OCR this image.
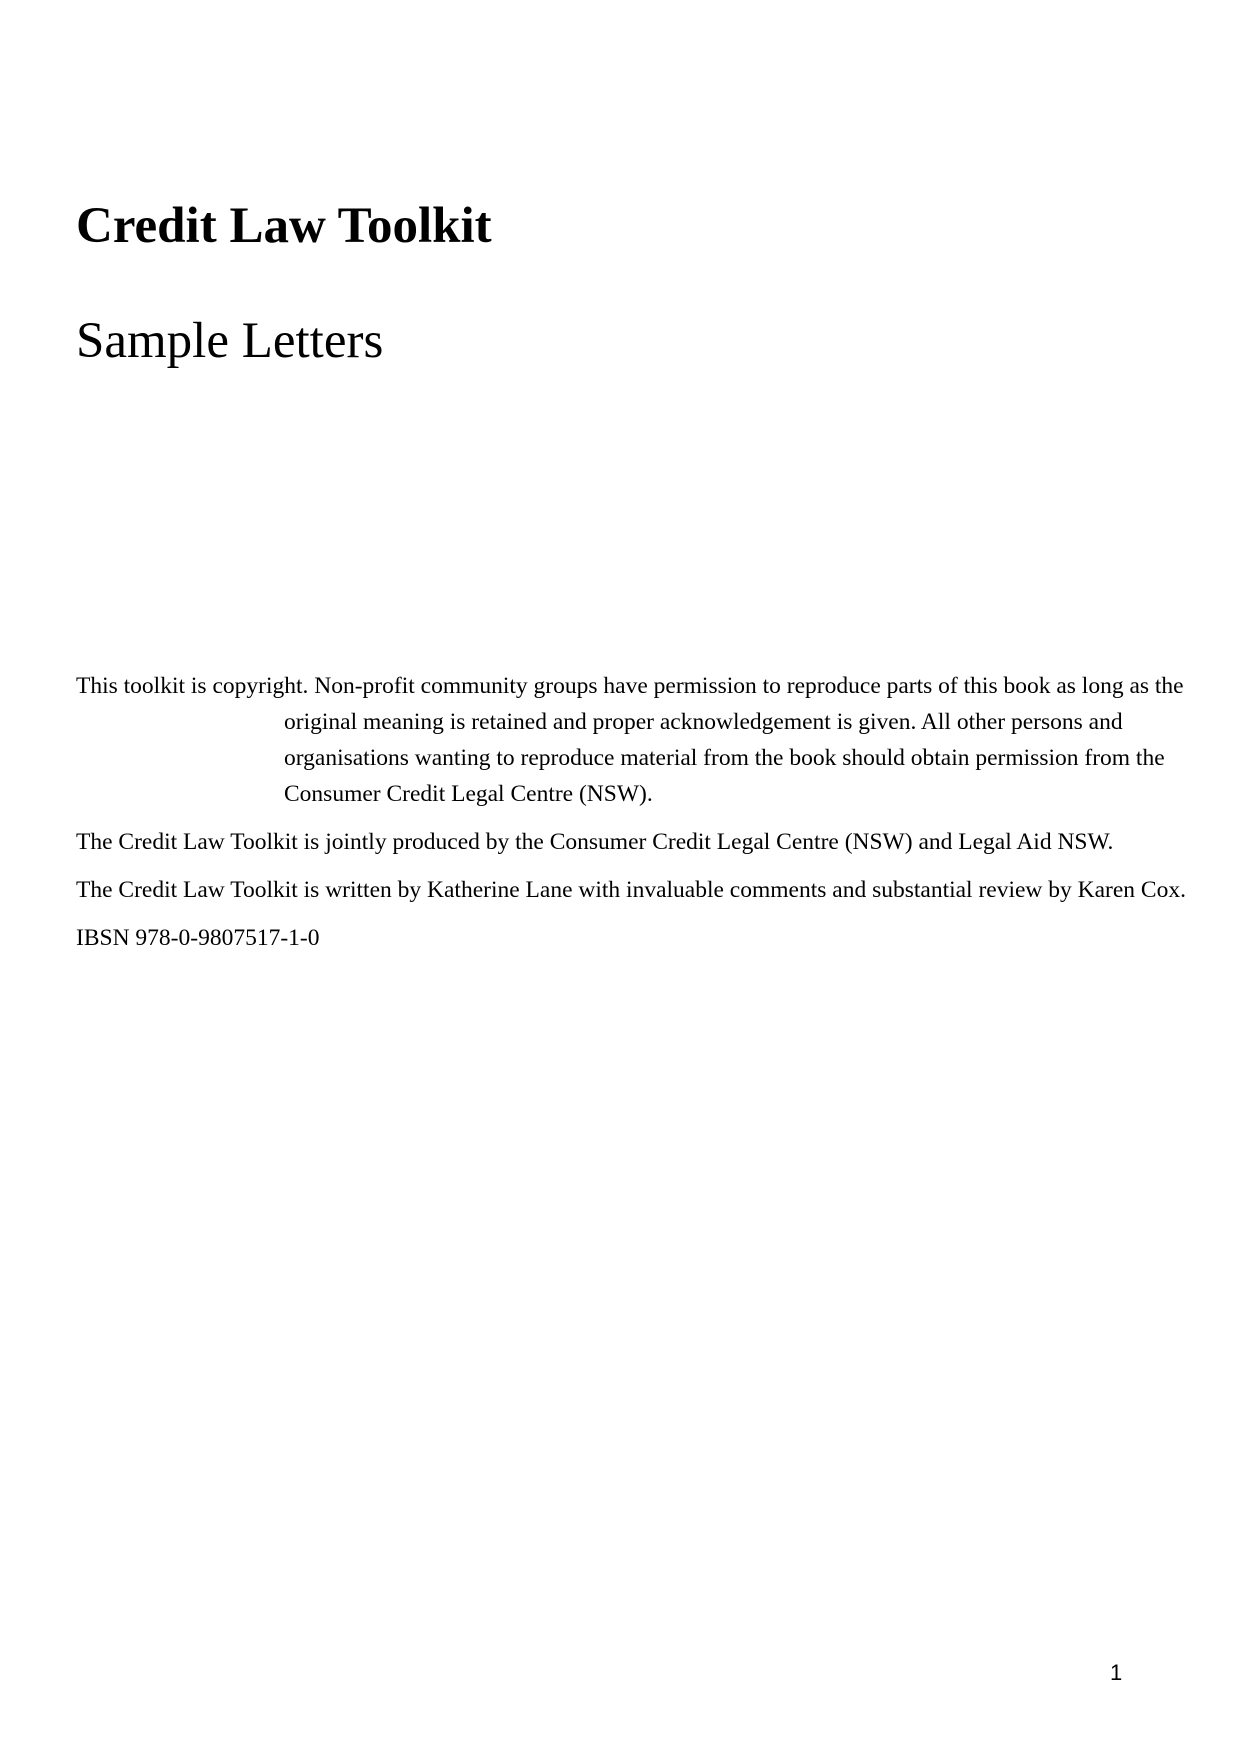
Credit Law Toolkit
Sample Letters

This toolkit is copyright. Non-profit community groups have permission to reproduce parts of this book as long as the original meaning is retained and proper acknowledgement is given. All other persons and organisations wanting to reproduce material from the book should obtain permission from the Consumer Credit Legal Centre (NSW).

The Credit Law Toolkit is jointly produced by the Consumer Credit Legal Centre (NSW) and Legal Aid NSW.

The Credit Law Toolkit is written by Katherine Lane with invaluable comments and substantial review by Karen Cox.

IBSN 978-0-9807517-1-0

1
